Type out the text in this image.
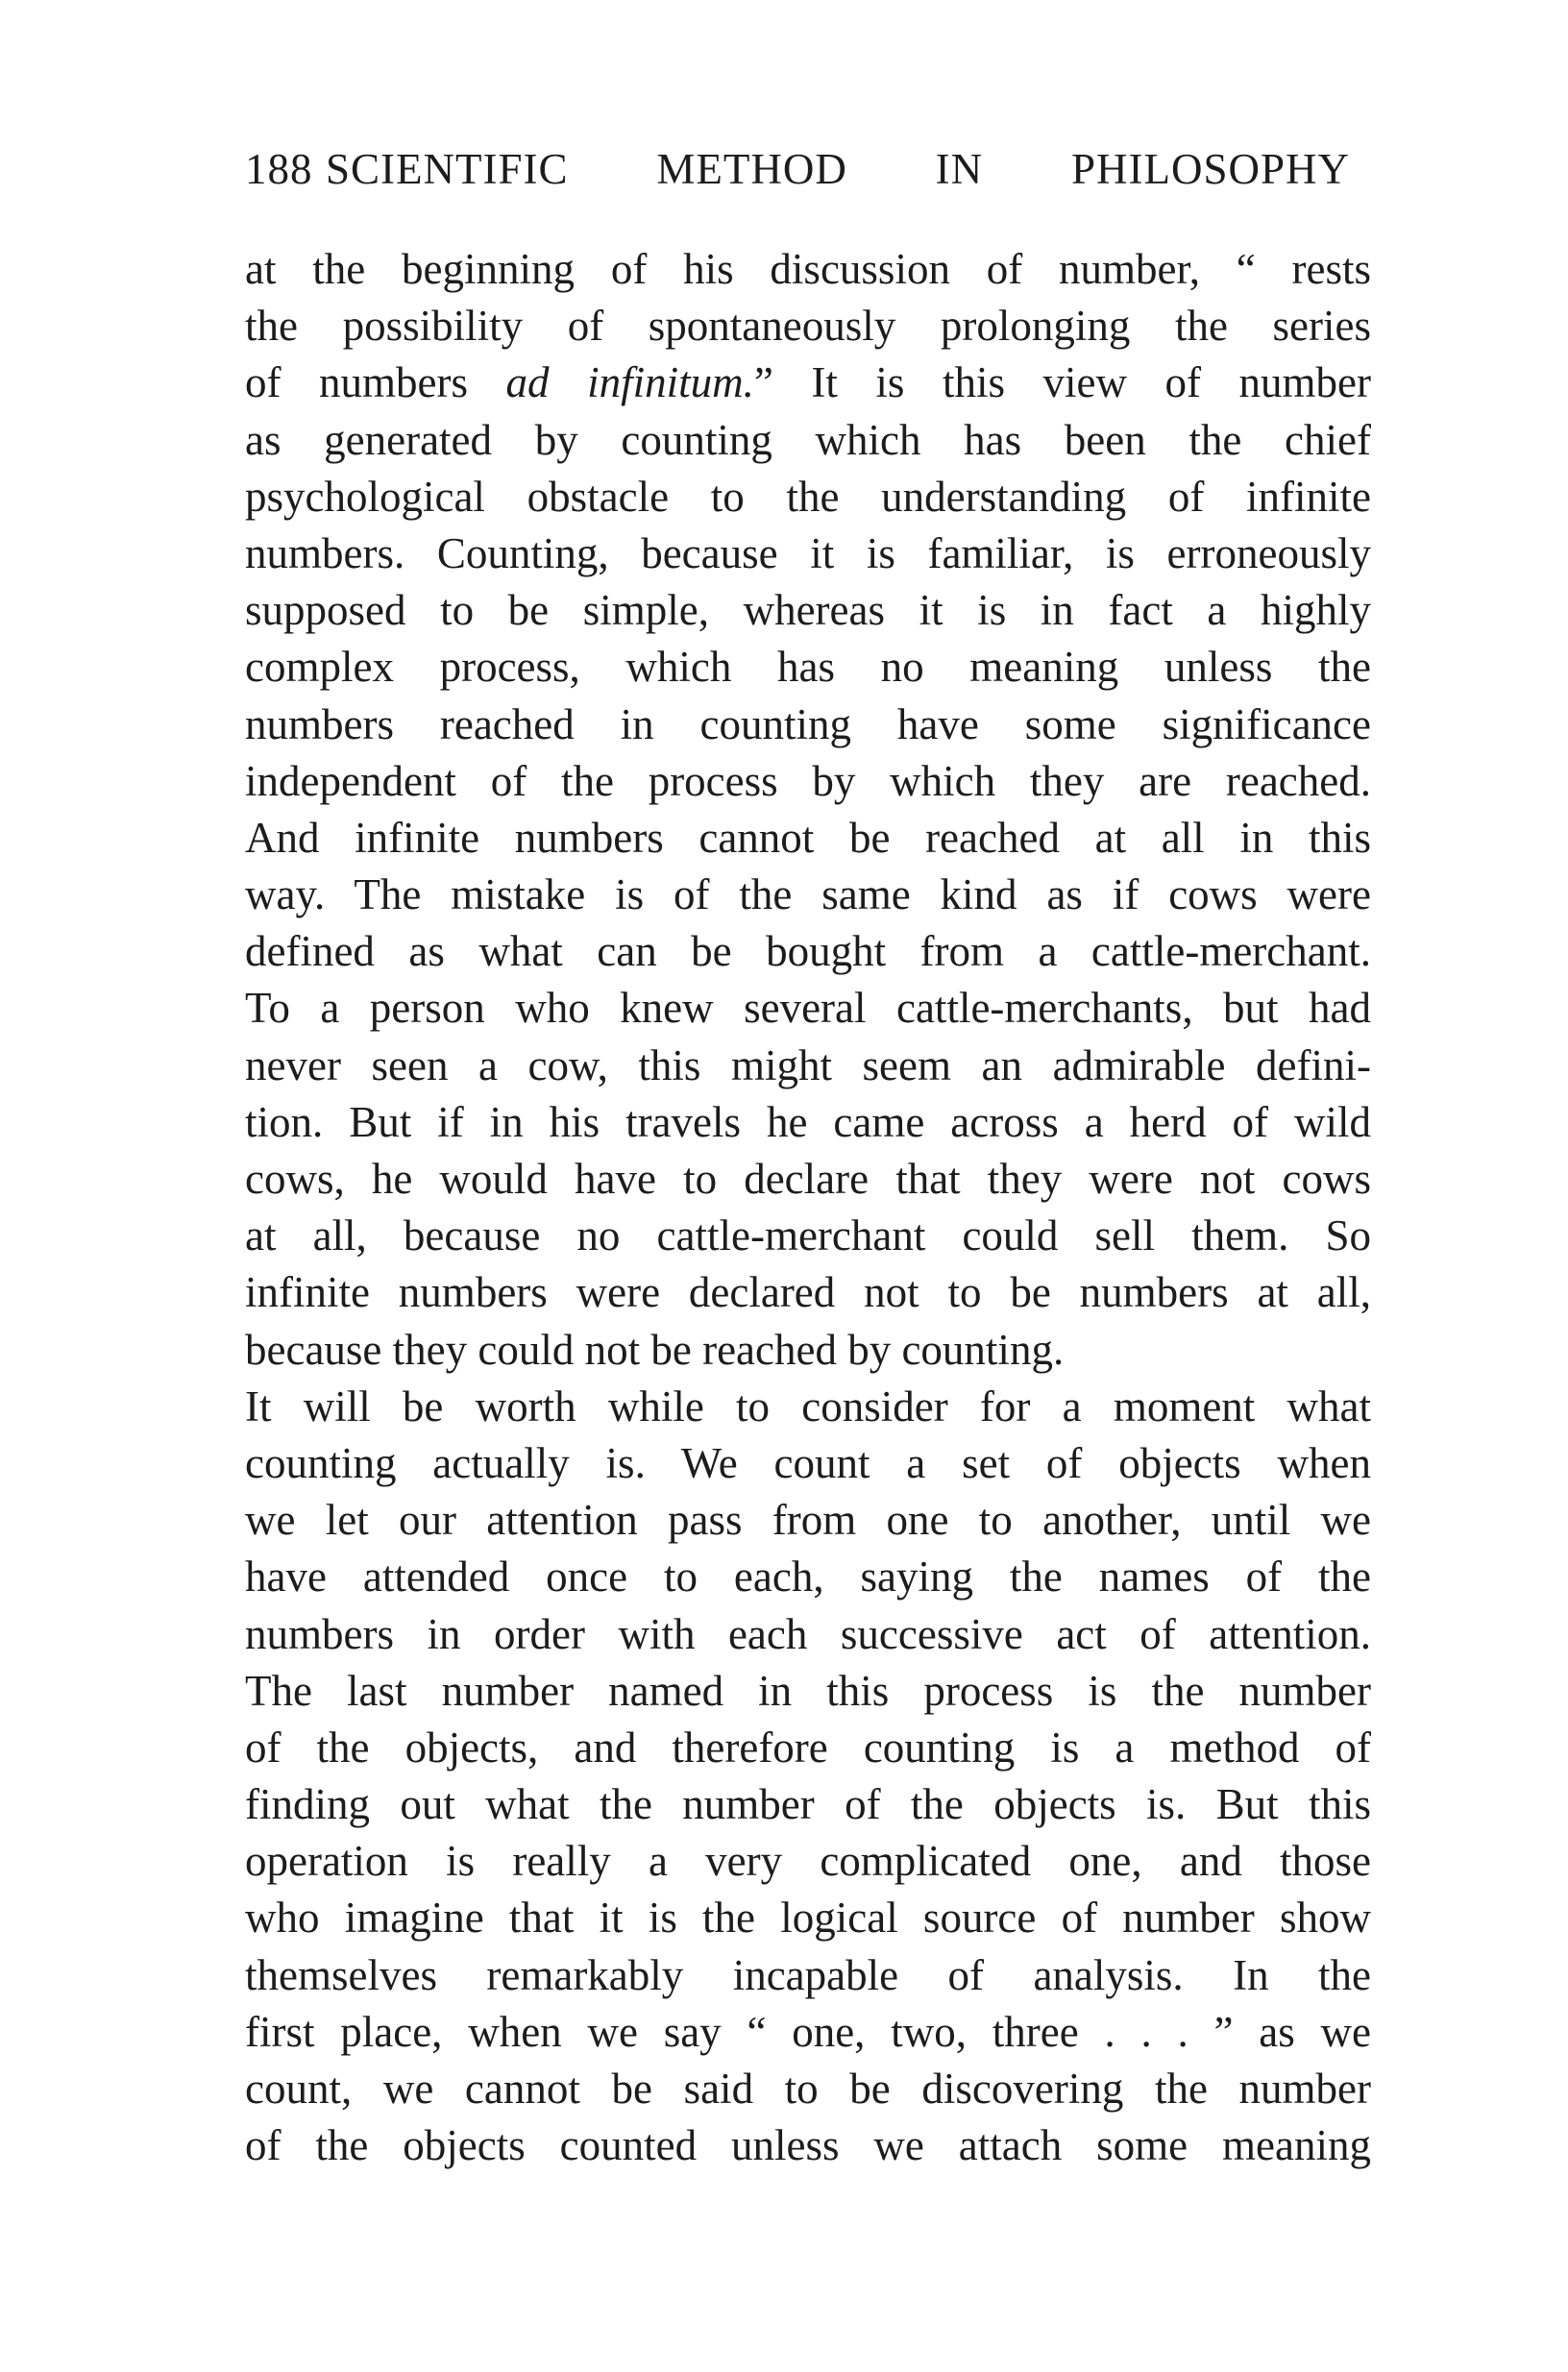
188 SCIENTIFIC METHOD IN PHILOSOPHY
at the beginning of his discussion of number, “ rests
the possibility of spontaneously prolonging the series
of numbers ad infinitum.” It is this view of number
as generated by counting which has been the chief
psychological obstacle to the understanding of infinite
numbers. Counting, because it is familiar, is erroneously
supposed to be simple, whereas it is in fact a highly
complex process, which has no meaning unless the
numbers reached in counting have some significance
independent of the process by which they are reached.
And infinite numbers cannot be reached at all in this
way. The mistake is of the same kind as if cows were
defined as what can be bought from a cattle-merchant.
To a person who knew several cattle-merchants, but had
never seen a cow, this might seem an admirable defini-
tion. But if in his travels he came across a herd of wild
cows, he would have to declare that they were not cows
at all, because no cattle-merchant could sell them. So
infinite numbers were declared not to be numbers at all,
because they could not be reached by counting.
It will be worth while to consider for a moment what
counting actually is. We count a set of objects when
we let our attention pass from one to another, until we
have attended once to each, saying the names of the
numbers in order with each successive act of attention.
The last number named in this process is the number
of the objects, and therefore counting is a method of
finding out what the number of the objects is. But this
operation is really a very complicated one, and those
who imagine that it is the logical source of number show
themselves remarkably incapable of analysis. In the
first place, when we say “ one, two, three . . . ” as we
count, we cannot be said to be discovering the number
of the objects counted unless we attach some meaning
